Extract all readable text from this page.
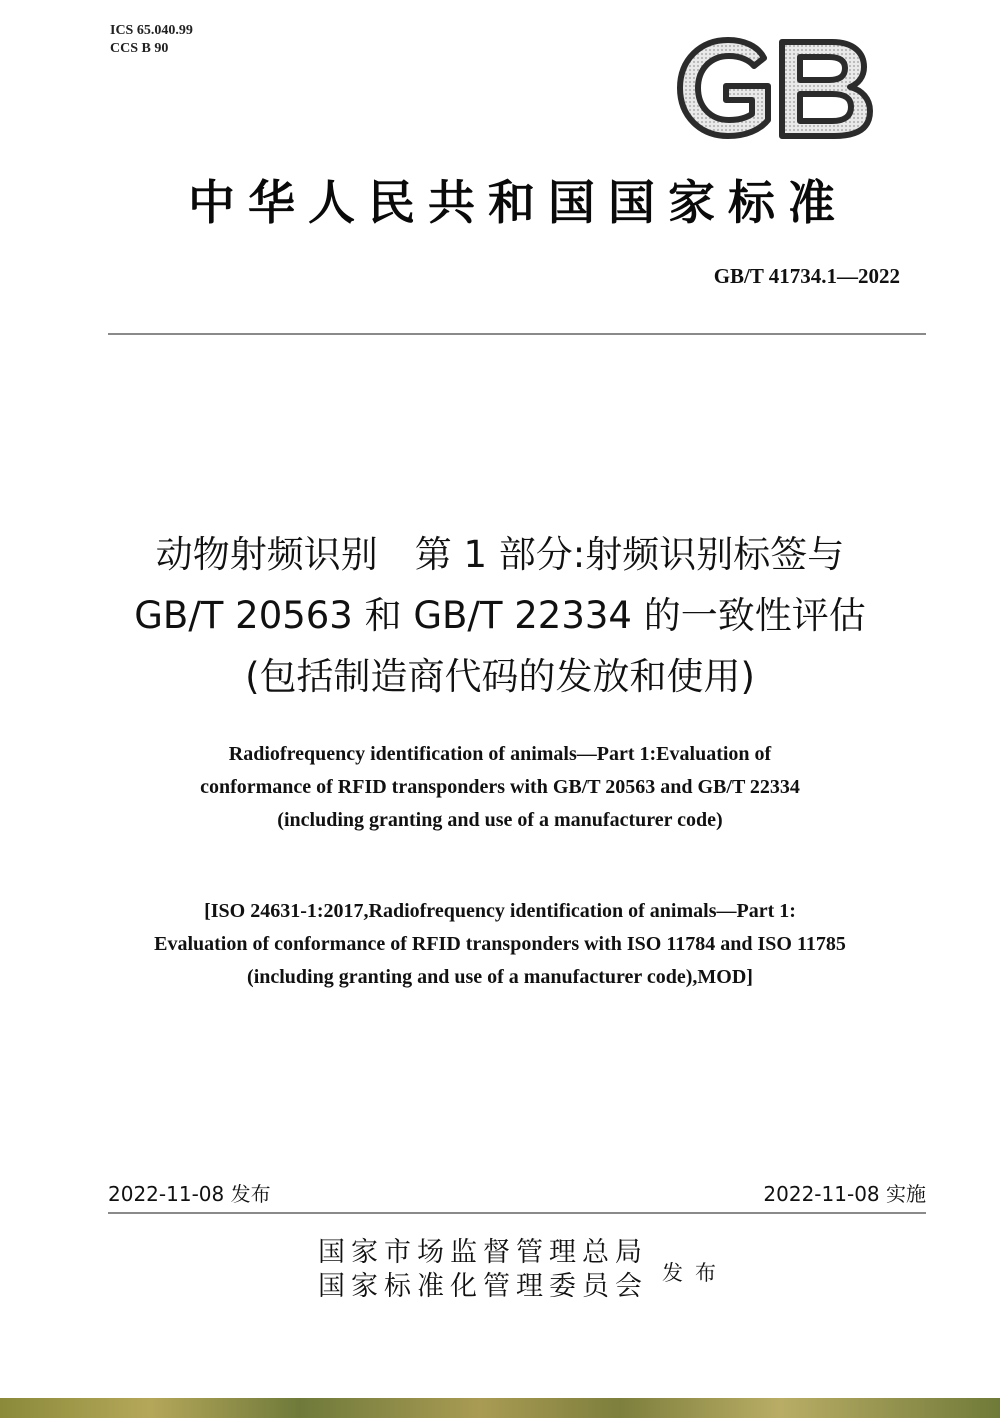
ICS 65.040.99
CCS B 90
中华人民共和国国家标准
GB/T 41734.1—2022
动物射频识别　第 1 部分:射频识别标签与
GB/T 20563 和 GB/T 22334 的一致性评估
(包括制造商代码的发放和使用)
Radiofrequency identification of animals—Part 1:Evaluation of
conformance of RFID transponders with GB/T 20563 and GB/T 22334
(including granting and use of a manufacturer code)
[ISO 24631-1:2017,Radiofrequency identification of animals—Part 1:
Evaluation of conformance of RFID transponders with ISO 11784 and ISO 11785
(including granting and use of a manufacturer code),MOD]
2022-11-08 发布	2022-11-08 实施
国家市场监督管理总局
国家标准化管理委员会 发布
